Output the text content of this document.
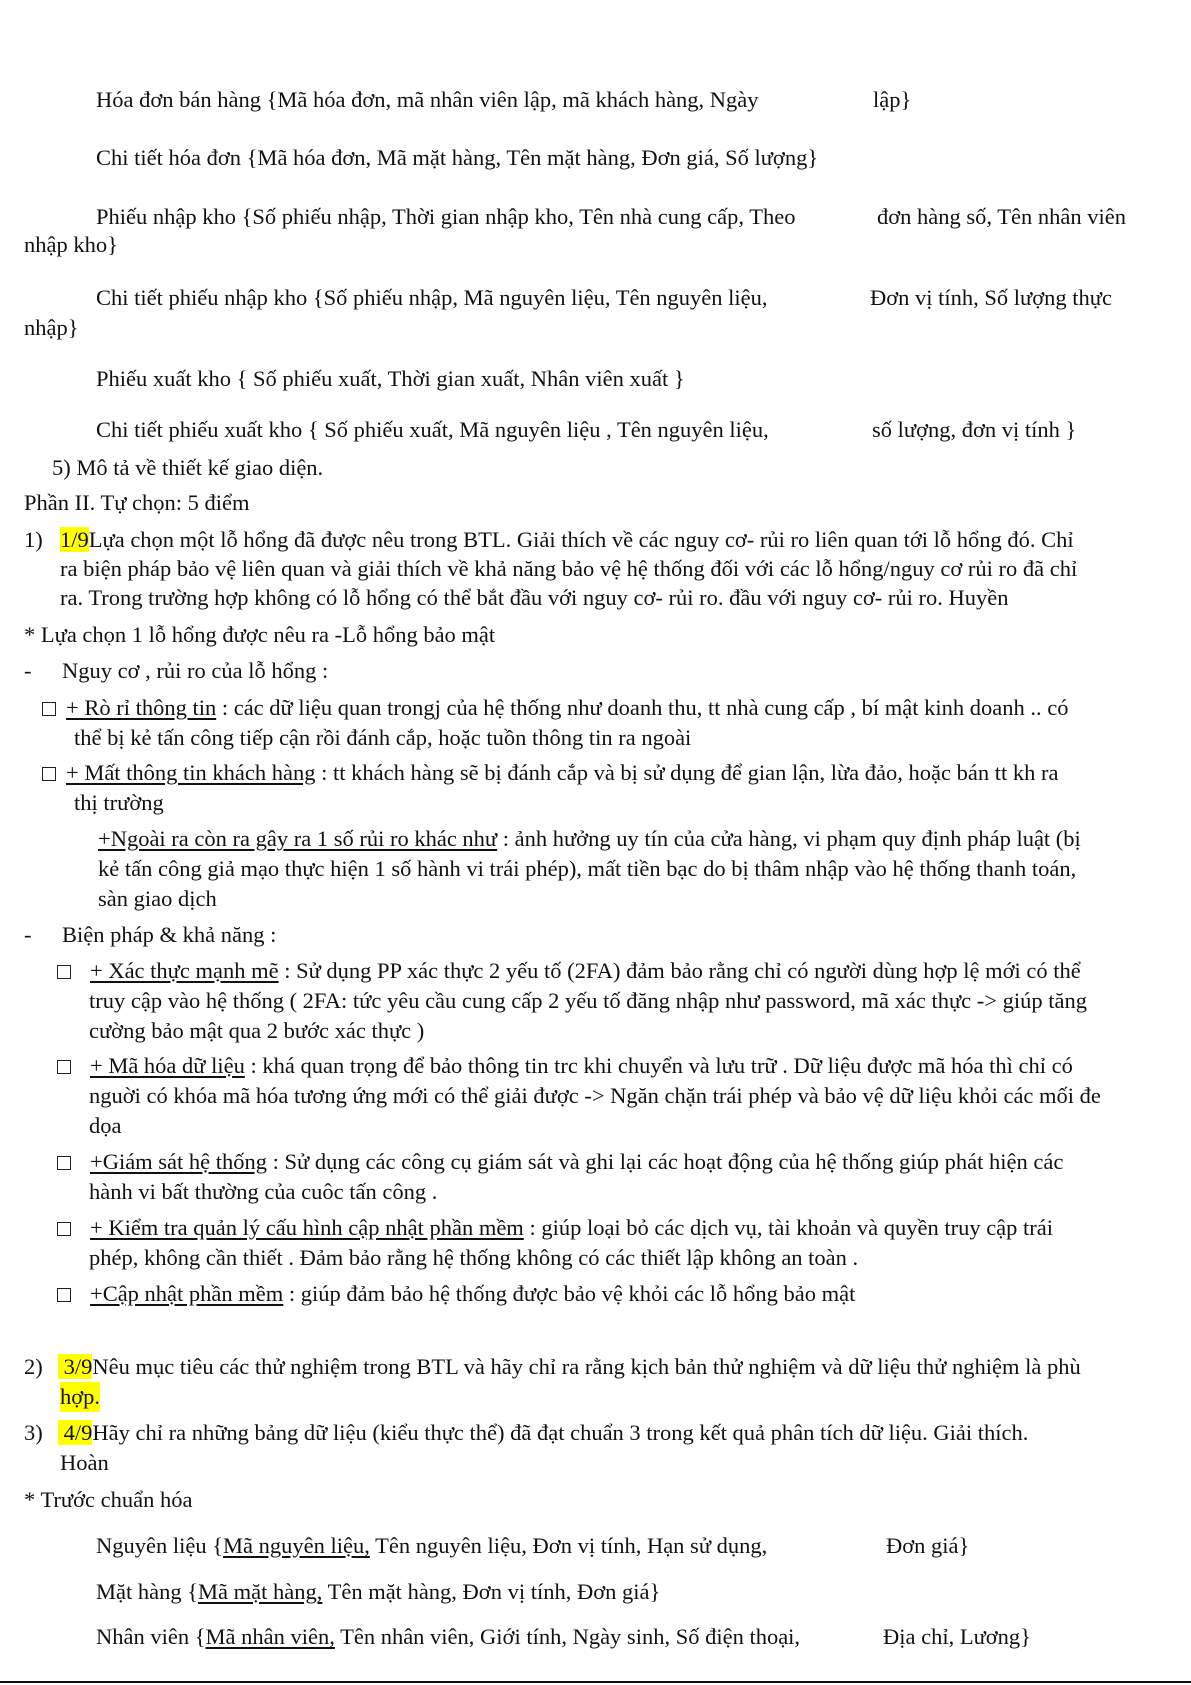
Hóa đơn bán hàng {Mã hóa đơn, mã nhân viên lập, mã khách hàng, Ngày	lập}
Chi tiết hóa đơn {Mã hóa đơn, Mã mặt hàng, Tên mặt hàng, Đơn giá, Số lượng}
Phiếu nhập kho {Số phiếu nhập, Thời gian nhập kho, Tên nhà cung cấp, Theo	đơn hàng số, Tên nhân viên
nhập kho}
Chi tiết phiếu nhập kho {Số phiếu nhập, Mã nguyên liệu, Tên nguyên liệu,	Đơn vị tính, Số lượng thực
nhập}
Phiếu xuất kho { Số phiếu xuất, Thời gian xuất, Nhân viên xuất }
Chi tiết phiếu xuất kho { Số phiếu xuất, Mã nguyên liệu , Tên nguyên liệu,	số lượng, đơn vị tính }
5) Mô tả về thiết kế giao diện.
Phần II. Tự chọn: 5 điểm
1) 1/9Lựa chọn một lỗ hổng đã được nêu trong BTL. Giải thích về các nguy cơ- rủi ro liên quan tới lỗ hổng đó. Chỉ
ra biện pháp bảo vệ liên quan và giải thích về khả năng bảo vệ hệ thống đối với các lỗ hổng/nguy cơ rủi ro đã chỉ
ra. Trong trường hợp không có lỗ hổng có thể bắt đầu với nguy cơ- rủi ro. đầu với nguy cơ- rủi ro. Huyền
* Lựa chọn 1 lỗ hổng được nêu ra -Lỗ hổng bảo mật
- Nguy cơ , rủi ro của lỗ hổng :
+ Rò rỉ thông tin : các dữ liệu quan trongj của hệ thống như doanh thu, tt nhà cung cấp , bí mật kinh doanh .. có
thể bị kẻ tấn công tiếp cận rồi đánh cắp, hoặc tuồn thông tin ra ngoài
+ Mất thông tin khách hàng : tt khách hàng sẽ bị đánh cắp và bị sử dụng để gian lận, lừa đảo, hoặc bán tt kh ra
thị trường
+Ngoài ra còn ra gây ra 1 số rủi ro khác như : ảnh hưởng uy tín của cửa hàng, vi phạm quy định pháp luật (bị
kẻ tấn công giả mạo thực hiện 1 số hành vi trái phép), mất tiền bạc do bị thâm nhập vào hệ thống thanh toán,
sàn giao dịch
- Biện pháp & khả năng :
+ Xác thực mạnh mẽ : Sử dụng PP xác thực 2 yếu tố (2FA) đảm bảo rằng chỉ có người dùng hợp lệ mới có thể
truy cập vào hệ thống ( 2FA: tức yêu cầu cung cấp 2 yếu tố đăng nhập như password, mã xác thực -> giúp tăng
cường bảo mật qua 2 bước xác thực )
+ Mã hóa dữ liệu : khá quan trọng để bảo thông tin trc khi chuyển và lưu trữ . Dữ liệu được mã hóa thì chỉ có
nguời có khóa mã hóa tương ứng mới có thể giải được -> Ngăn chặn trái phép và bảo vệ dữ liệu khỏi các mối đe
dọa
+Giám sát hệ thống : Sử dụng các công cụ giám sát và ghi lại các hoạt động của hệ thống giúp phát hiện các
hành vi bất thường của cuôc tấn công .
+ Kiểm tra quản lý cấu hình cập nhật phần mềm : giúp loại bỏ các dịch vụ, tài khoản và quyền truy cập trái
phép, không cần thiết . Đảm bảo rằng hệ thống không có các thiết lập không an toàn .
+Cập nhật phần mềm : giúp đảm bảo hệ thống được bảo vệ khỏi các lỗ hổng bảo mật
2) 3/9Nêu mục tiêu các thử nghiệm trong BTL và hãy chỉ ra rằng kịch bản thử nghiệm và dữ liệu thử nghiệm là phù
hợp.
3) 4/9Hãy chỉ ra những bảng dữ liệu (kiểu thực thể) đã đạt chuẩn 3 trong kết quả phân tích dữ liệu. Giải thích.
Hoàn
* Trước chuẩn hóa
Nguyên liệu {Mã nguyên liệu, Tên nguyên liệu, Đơn vị tính, Hạn sử dụng,	Đơn giá}
Mặt hàng {Mã mặt hàng, Tên mặt hàng, Đơn vị tính, Đơn giá}
Nhân viên {Mã nhân viên, Tên nhân viên, Giới tính, Ngày sinh, Số điện thoại,	Địa chỉ, Lương}
